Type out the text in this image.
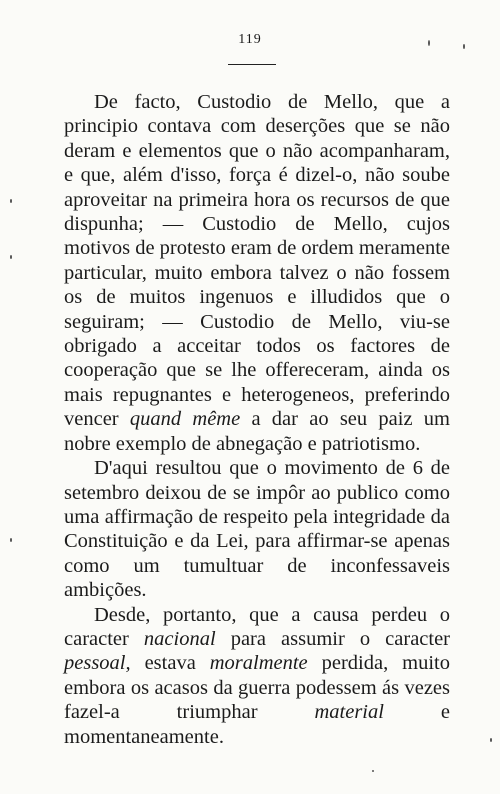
119

De facto, Custodio de Mello, que a principio contava com deserções que se não deram e elementos que o não acompanharam, e que, além d'isso, força é dizel-o, não soube aproveitar na primeira hora os recursos de que dispunha; — Custodio de Mello, cujos motivos de protesto eram de ordem meramente particular, muito embora talvez o não fossem os de muitos ingenuos e illudidos que o seguiram; — Custodio de Mello, viu-se obrigado a acceitar todos os factores de cooperação que se lhe offereceram, ainda os mais repugnantes e heterogeneos, preferindo vencer quand même a dar ao seu paiz um nobre exemplo de abnegação e patriotismo.

D'aqui resultou que o movimento de 6 de setembro deixou de se impôr ao publico como uma affirmação de respeito pela integridade da Constituição e da Lei, para affirmar-se apenas como um tumultuar de inconfessaveis ambições.

Desde, portanto, que a causa perdeu o caracter nacional para assumir o caracter pessoal, estava moralmente perdida, muito embora os acasos da guerra podessem ás vezes fazel-a triumphar material e momentaneamente.
